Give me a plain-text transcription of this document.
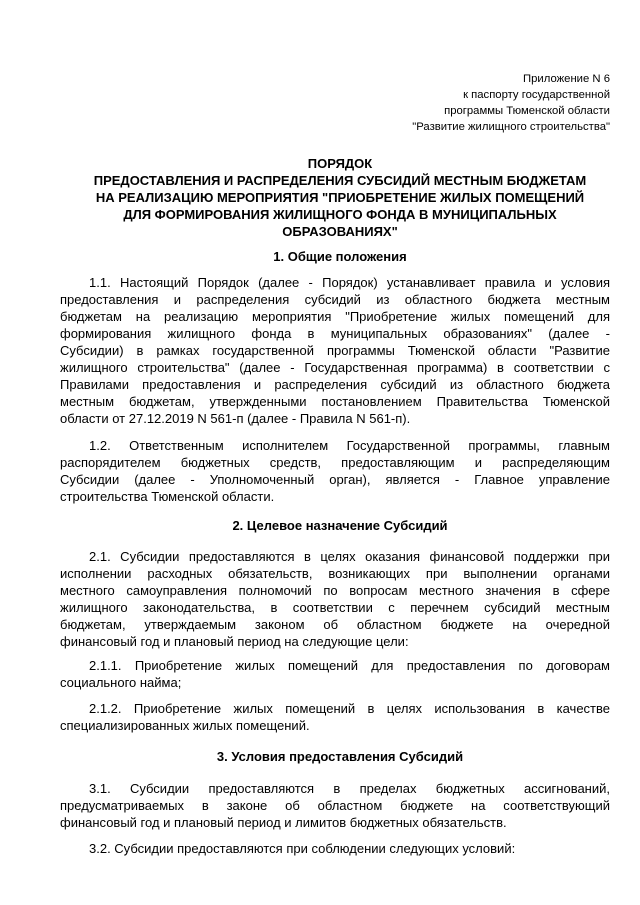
Приложение N 6
к паспорту государственной
программы Тюменской области
"Развитие жилищного строительства"
ПОРЯДОК
ПРЕДОСТАВЛЕНИЯ И РАСПРЕДЕЛЕНИЯ СУБСИДИЙ МЕСТНЫМ БЮДЖЕТАМ
НА РЕАЛИЗАЦИЮ МЕРОПРИЯТИЯ "ПРИОБРЕТЕНИЕ ЖИЛЫХ ПОМЕЩЕНИЙ
ДЛЯ ФОРМИРОВАНИЯ ЖИЛИЩНОГО ФОНДА В МУНИЦИПАЛЬНЫХ
ОБРАЗОВАНИЯХ"
1. Общие положения
1.1. Настоящий Порядок (далее - Порядок) устанавливает правила и условия
предоставления и распределения субсидий из областного бюджета местным
бюджетам на реализацию мероприятия "Приобретение жилых помещений для
формирования жилищного фонда в муниципальных образованиях" (далее -
Субсидии) в рамках государственной программы Тюменской области "Развитие
жилищного строительства" (далее - Государственная программа) в соответствии с
Правилами предоставления и распределения субсидий из областного бюджета
местным бюджетам, утвержденными постановлением Правительства Тюменской
области от 27.12.2019 N 561-п (далее - Правила N 561-п).
1.2. Ответственным исполнителем Государственной программы, главным
распорядителем бюджетных средств, предоставляющим и распределяющим
Субсидии (далее - Уполномоченный орган), является - Главное управление
строительства Тюменской области.
2. Целевое назначение Субсидий
2.1. Субсидии предоставляются в целях оказания финансовой поддержки при
исполнении расходных обязательств, возникающих при выполнении органами
местного самоуправления полномочий по вопросам местного значения в сфере
жилищного законодательства, в соответствии с перечнем субсидий местным
бюджетам, утверждаемым законом об областном бюджете на очередной
финансовый год и плановый период на следующие цели:
2.1.1. Приобретение жилых помещений для предоставления по договорам
социального найма;
2.1.2. Приобретение жилых помещений в целях использования в качестве
специализированных жилых помещений.
3. Условия предоставления Субсидий
3.1. Субсидии предоставляются в пределах бюджетных ассигнований,
предусматриваемых в законе об областном бюджете на соответствующий
финансовый год и плановый период и лимитов бюджетных обязательств.
3.2. Субсидии предоставляются при соблюдении следующих условий:
